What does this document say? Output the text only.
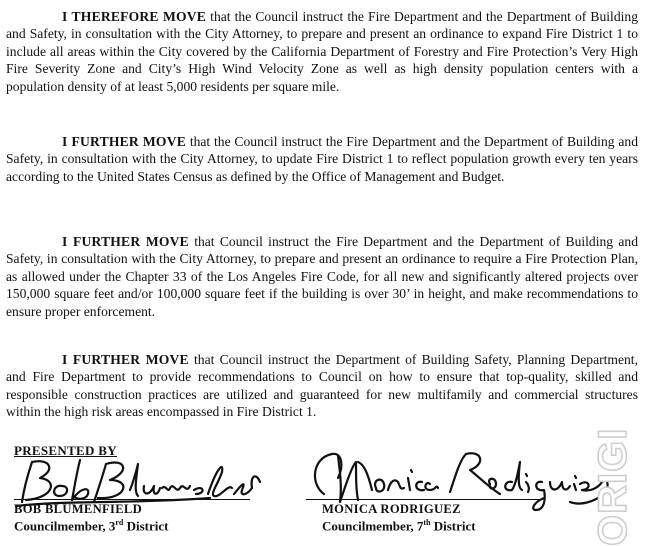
I THEREFORE MOVE that the Council instruct the Fire Department and the Department of Building and Safety, in consultation with the City Attorney, to prepare and present an ordinance to expand Fire District 1 to include all areas within the City covered by the California Department of Forestry and Fire Protection’s Very High Fire Severity Zone and City’s High Wind Velocity Zone as well as high density population centers with a population density of at least 5,000 residents per square mile.

I FURTHER MOVE that the Council instruct the Fire Department and the Department of Building and Safety, in consultation with the City Attorney, to update Fire District 1 to reflect population growth every ten years according to the United States Census as defined by the Office of Management and Budget.

I FURTHER MOVE that Council instruct the Fire Department and the Department of Building and Safety, in consultation with the City Attorney, to prepare and present an ordinance to require a Fire Protection Plan, as allowed under the Chapter 33 of the Los Angeles Fire Code, for all new and significantly altered projects over 150,000 square feet and/or 100,000 square feet if the building is over 30’ in height, and make recommendations to ensure proper enforcement.

I FURTHER MOVE that Council instruct the Department of Building Safety, Planning Department, and Fire Department to provide recommendations to Council on how to ensure that top-quality, skilled and responsible construction practices are utilized and guaranteed for new multifamily and commercial structures within the high risk areas encompassed in Fire District 1.

PRESENTED BY
BOB BLUMENFIELD
Councilmember, 3rd District
MONICA RODRIGUEZ
Councilmember, 7th District	ORIGI
